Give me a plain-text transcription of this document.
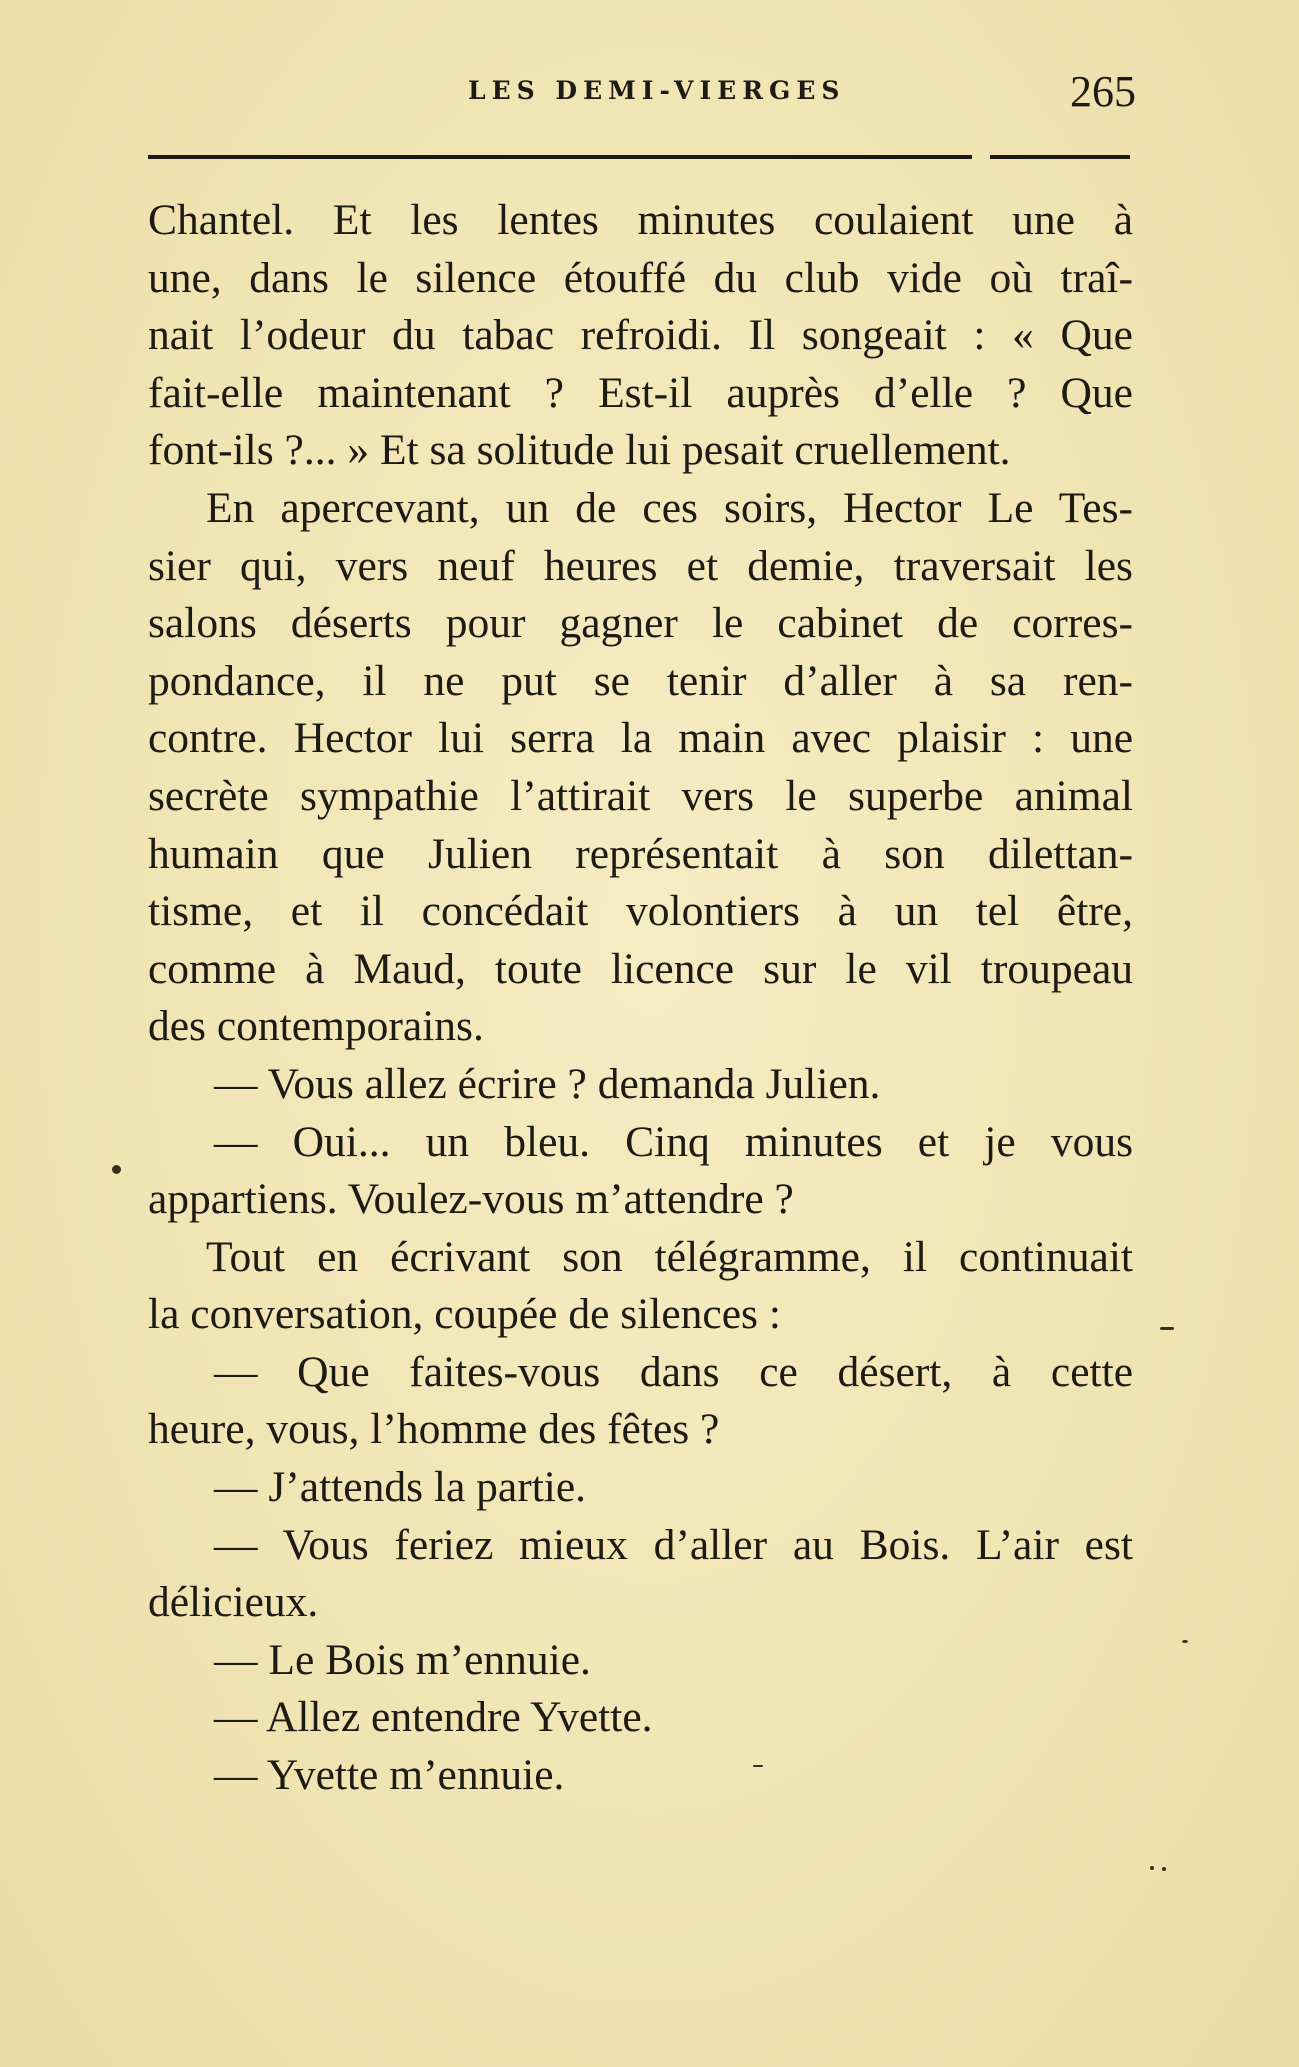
LES DEMI-VIERGES	265
Chantel. Et les lentes minutes coulaient une à
une, dans le silence étouffé du club vide où traî-
nait l’odeur du tabac refroidi. Il songeait : « Que
fait-elle maintenant ? Est-il auprès d’elle ? Que
font-ils ?... » Et sa solitude lui pesait cruellement.
En apercevant, un de ces soirs, Hector Le Tes-
sier qui, vers neuf heures et demie, traversait les
salons déserts pour gagner le cabinet de corres-
pondance, il ne put se tenir d’aller à sa ren-
contre. Hector lui serra la main avec plaisir : une
secrète sympathie l’attirait vers le superbe animal
humain que Julien représentait à son dilettan-
tisme, et il concédait volontiers à un tel être,
comme à Maud, toute licence sur le vil troupeau
des contemporains.
— Vous allez écrire ? demanda Julien.
— Oui... un bleu. Cinq minutes et je vous
appartiens. Voulez-vous m’attendre ?
Tout en écrivant son télégramme, il continuait
la conversation, coupée de silences :
— Que faites-vous dans ce désert, à cette
heure, vous, l’homme des fêtes ?
— J’attends la partie.
— Vous feriez mieux d’aller au Bois. L’air est
délicieux.
— Le Bois m’ennuie.
— Allez entendre Yvette.
— Yvette m’ennuie.
